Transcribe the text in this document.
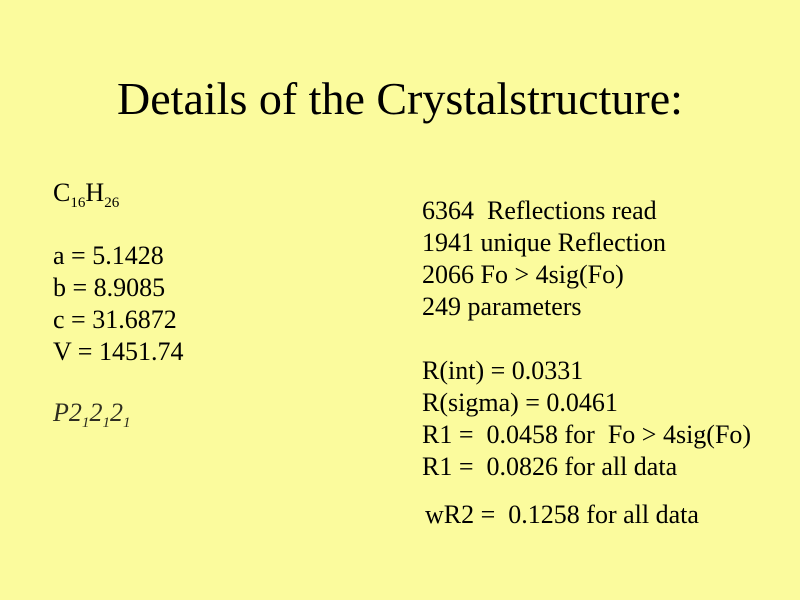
Details of the Crystalstructure:
$C_{16}H_{26}$
a = 5.1428
b = 8.9085
c = 31.6872
V = 1451.74
$P2_12_12_1$
6364  Reflections read
1941 unique Reflection
2066 Fo > 4sig(Fo)
249 parameters
R(int) = 0.0331
R(sigma) = 0.0461
R1 =  0.0458 for  Fo > 4sig(Fo)
R1 =  0.0826 for all data
wR2 =  0.1258 for all data
